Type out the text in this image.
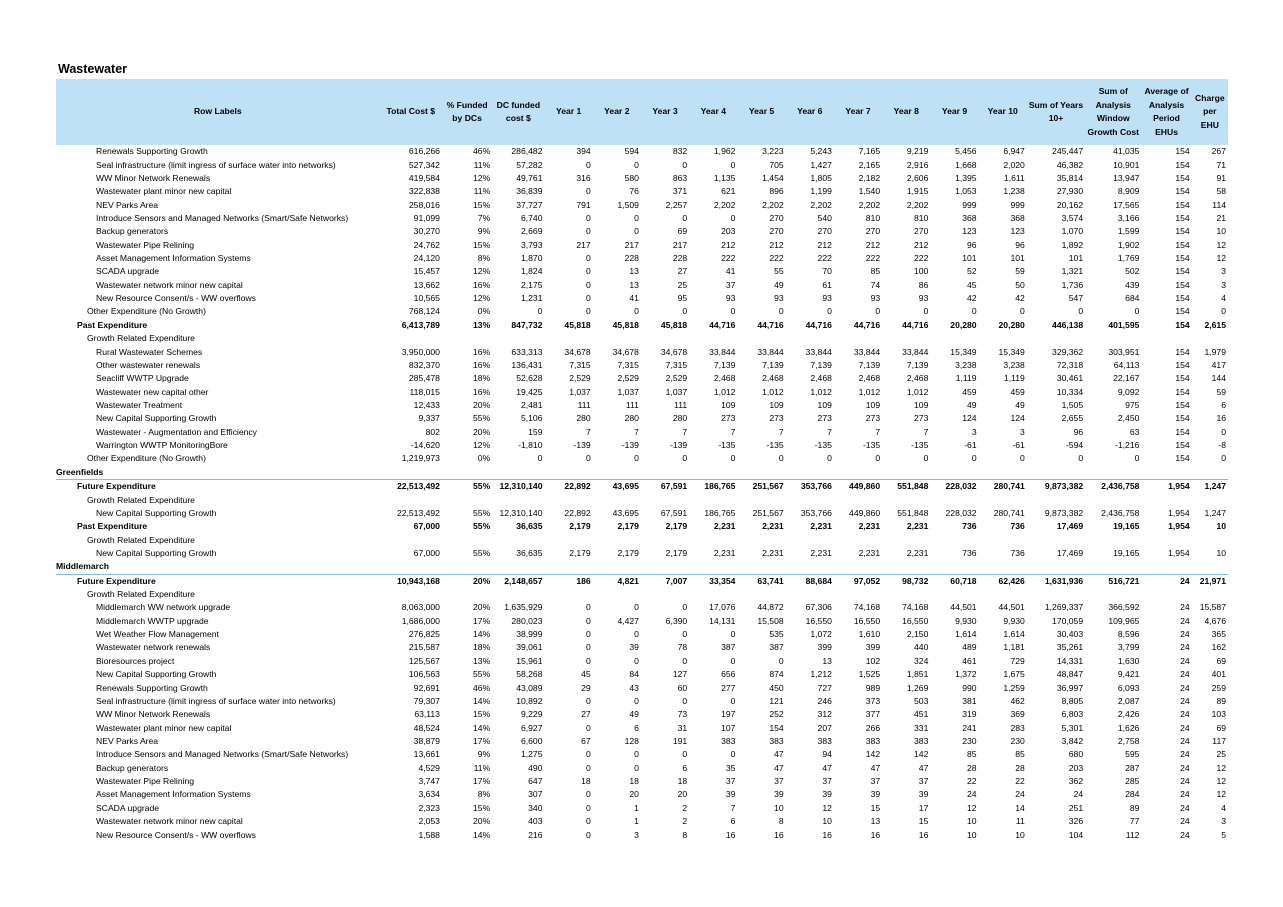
Wastewater
Row Labels	Total Cost $	% Funded by DCs	DC funded cost $	Year 1	Year 2	Year 3	Year 4	Year 5	Year 6	Year 7	Year 8	Year 9	Year 10	Sum of Years 10+	Sum of Analysis Window Growth Cost	Average of Analysis Period EHUs	Charge per EHU
Renewals Supporting Growth	616,266	46%	286,482	394	594	832	1,962	3,223	5,243	7,165	9,219	5,456	6,947	245,447	41,035	154	267
Seal infrastructure (limit ingress of surface water into networks)	527,342	11%	57,282	0	0	0	0	705	1,427	2,165	2,916	1,668	2,020	46,382	10,901	154	71
WW Minor Network Renewals	419,584	12%	49,761	316	580	863	1,135	1,454	1,805	2,182	2,606	1,395	1,611	35,814	13,947	154	91
Wastewater plant minor new capital	322,838	11%	36,839	0	76	371	621	896	1,199	1,540	1,915	1,053	1,238	27,930	8,909	154	58
NEV Parks Area	258,016	15%	37,727	791	1,509	2,257	2,202	2,202	2,202	2,202	2,202	999	999	20,162	17,565	154	114
Introduce Sensors and Managed Networks (Smart/Safe Networks)	91,099	7%	6,740	0	0	0	0	270	540	810	810	368	368	3,574	3,166	154	21
Backup generators	30,270	9%	2,669	0	0	69	203	270	270	270	270	123	123	1,070	1,599	154	10
Wastewater Pipe Relining	24,762	15%	3,793	217	217	217	212	212	212	212	212	96	96	1,892	1,902	154	12
Asset Management Information Systems	24,120	8%	1,870	0	228	228	222	222	222	222	222	101	101	101	1,769	154	12
SCADA upgrade	15,457	12%	1,824	0	13	27	41	55	70	85	100	52	59	1,321	502	154	3
Wastewater network minor new capital	13,662	16%	2,175	0	13	25	37	49	61	74	86	45	50	1,736	439	154	3
New Resource Consent/s - WW overflows	10,565	12%	1,231	0	41	95	93	93	93	93	93	42	42	547	684	154	4
Other Expenditure (No Growth)	768,124	0%	0	0	0	0	0	0	0	0	0	0	0	0	0	154	0
Past Expenditure	6,413,789	13%	847,732	45,818	45,818	45,818	44,716	44,716	44,716	44,716	44,716	20,280	20,280	446,138	401,595	154	2,615
Growth Related Expenditure																	
Rural Wastewater Schemes	3,950,000	16%	633,313	34,678	34,678	34,678	33,844	33,844	33,844	33,844	33,844	15,349	15,349	329,362	303,951	154	1,979
Other wastewater renewals	832,370	16%	136,431	7,315	7,315	7,315	7,139	7,139	7,139	7,139	7,139	3,238	3,238	72,318	64,113	154	417
Seacliff WWTP Upgrade	285,478	18%	52,628	2,529	2,529	2,529	2,468	2,468	2,468	2,468	2,468	1,119	1,119	30,461	22,167	154	144
Wastewater new capital other	118,015	16%	19,425	1,037	1,037	1,037	1,012	1,012	1,012	1,012	1,012	459	459	10,334	9,092	154	59
Wastewater Treatment	12,433	20%	2,481	111	111	111	109	109	109	109	109	49	49	1,505	975	154	6
New Capital Supporting Growth	9,337	55%	5,106	280	280	280	273	273	273	273	273	124	124	2,655	2,450	154	16
Wastewater - Augmentation and Efficiency	802	20%	159	7	7	7	7	7	7	7	7	3	3	96	63	154	0
Warrington WWTP MonitoringBore	-14,620	12%	-1,810	-139	-139	-139	-135	-135	-135	-135	-135	-61	-61	-594	-1,216	154	-8
Other Expenditure (No Growth)	1,219,973	0%	0	0	0	0	0	0	0	0	0	0	0	0	0	154	0
Greenfields																	
Future Expenditure	22,513,492	55%	12,310,140	22,892	43,695	67,591	186,765	251,567	353,766	449,860	551,848	228,032	280,741	9,873,382	2,436,758	1,954	1,247
Growth Related Expenditure																	
New Capital Supporting Growth	22,513,492	55%	12,310,140	22,892	43,695	67,591	186,765	251,567	353,766	449,860	551,848	228,032	280,741	9,873,382	2,436,758	1,954	1,247
Past Expenditure	67,000	55%	36,635	2,179	2,179	2,179	2,231	2,231	2,231	2,231	2,231	736	736	17,469	19,165	1,954	10
Growth Related Expenditure																	
New Capital Supporting Growth	67,000	55%	36,635	2,179	2,179	2,179	2,231	2,231	2,231	2,231	2,231	736	736	17,469	19,165	1,954	10
Middlemarch																	
Future Expenditure	10,943,168	20%	2,148,657	186	4,821	7,007	33,354	63,741	88,684	97,052	98,732	60,718	62,426	1,631,936	516,721	24	21,971
Growth Related Expenditure																	
Middlemarch WW network upgrade	8,063,000	20%	1,635,929	0	0	0	17,076	44,872	67,306	74,168	74,168	44,501	44,501	1,269,337	366,592	24	15,587
Middlemarch WWTP upgrade	1,686,000	17%	280,023	0	4,427	6,390	14,131	15,508	16,550	16,550	16,550	9,930	9,930	170,059	109,965	24	4,676
Wet Weather Flow Management	276,825	14%	38,999	0	0	0	0	535	1,072	1,610	2,150	1,614	1,614	30,403	8,596	24	365
Wastewater network renewals	215,587	18%	39,061	0	39	78	387	387	399	399	440	489	1,181	35,261	3,799	24	162
Bioresources project	125,567	13%	15,961	0	0	0	0	0	13	102	324	461	729	14,331	1,630	24	69
New Capital Supporting Growth	106,563	55%	58,268	45	84	127	656	874	1,212	1,525	1,851	1,372	1,675	48,847	9,421	24	401
Renewals Supporting Growth	92,691	46%	43,089	29	43	60	277	450	727	989	1,269	990	1,259	36,997	6,093	24	259
Seal infrastructure (limit ingress of surface water into networks)	79,307	14%	10,892	0	0	0	0	121	246	373	503	381	462	8,805	2,087	24	89
WW Minor Network Renewals	63,113	15%	9,229	27	49	73	197	252	312	377	451	319	369	6,803	2,426	24	103
Wastewater plant minor new capital	48,524	14%	6,927	0	6	31	107	154	207	266	331	241	283	5,301	1,626	24	69
NEV Parks Area	38,879	17%	6,600	67	128	191	383	383	383	383	383	230	230	3,842	2,758	24	117
Introduce Sensors and Managed Networks (Smart/Safe Networks)	13,661	9%	1,275	0	0	0	0	47	94	142	142	85	85	680	595	24	25
Backup generators	4,529	11%	490	0	0	6	35	47	47	47	47	28	28	203	287	24	12
Wastewater Pipe Relining	3,747	17%	647	18	18	18	37	37	37	37	37	22	22	362	285	24	12
Asset Management Information Systems	3,634	8%	307	0	20	20	39	39	39	39	39	24	24	24	284	24	12
SCADA upgrade	2,323	15%	340	0	1	2	7	10	12	15	17	12	14	251	89	24	4
Wastewater network minor new capital	2,053	20%	403	0	1	2	6	8	10	13	15	10	11	326	77	24	3
New Resource Consent/s - WW overflows	1,588	14%	216	0	3	8	16	16	16	16	16	10	10	104	112	24	5
